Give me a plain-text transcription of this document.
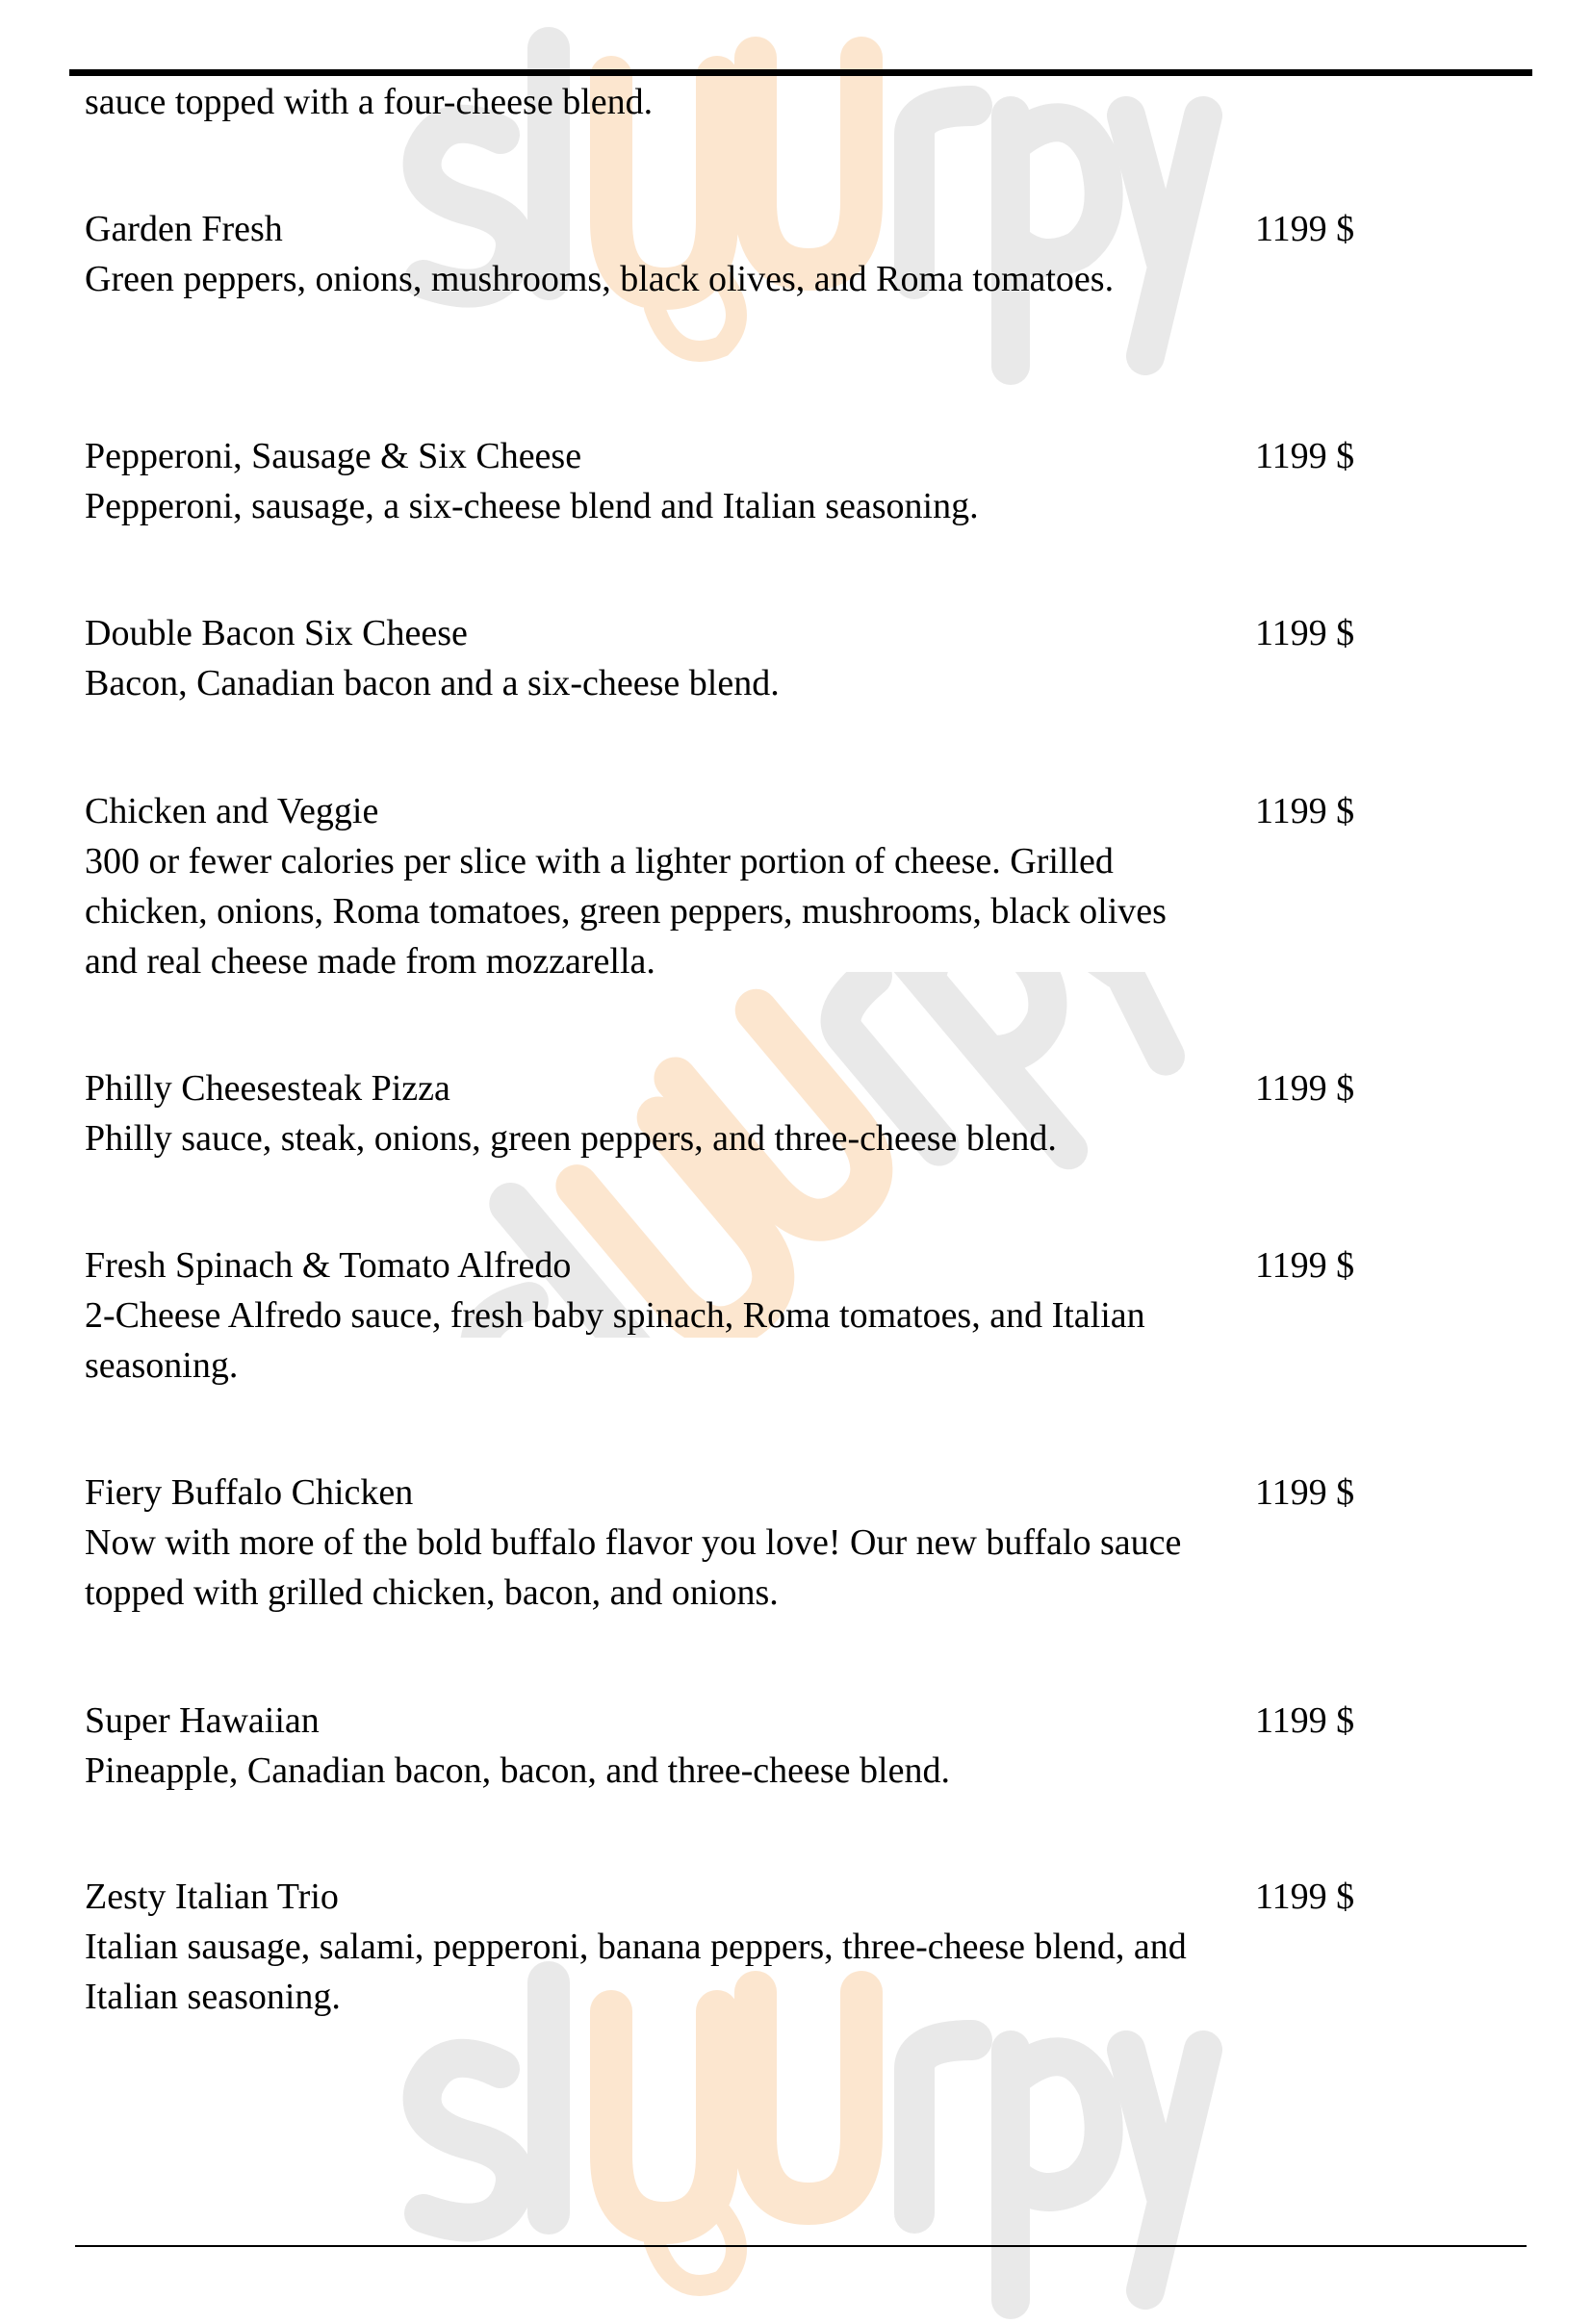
sauce topped with a four-cheese blend.
Garden Fresh	1199 $
Green peppers, onions, mushrooms, black olives, and Roma tomatoes.
Pepperoni, Sausage & Six Cheese	1199 $
Pepperoni, sausage, a six-cheese blend and Italian seasoning.
Double Bacon Six Cheese	1199 $
Bacon, Canadian bacon and a six-cheese blend.
Chicken and Veggie	1199 $
300 or fewer calories per slice with a lighter portion of cheese. Grilled chicken, onions, Roma tomatoes, green peppers, mushrooms, black olives and real cheese made from mozzarella.
Philly Cheesesteak Pizza	1199 $
Philly sauce, steak, onions, green peppers, and three-cheese blend.
Fresh Spinach & Tomato Alfredo	1199 $
2-Cheese Alfredo sauce, fresh baby spinach, Roma tomatoes, and Italian seasoning.
Fiery Buffalo Chicken	1199 $
Now with more of the bold buffalo flavor you love! Our new buffalo sauce topped with grilled chicken, bacon, and onions.
Super Hawaiian	1199 $
Pineapple, Canadian bacon, bacon, and three-cheese blend.
Zesty Italian Trio	1199 $
Italian sausage, salami, pepperoni, banana peppers, three-cheese blend, and Italian seasoning.
